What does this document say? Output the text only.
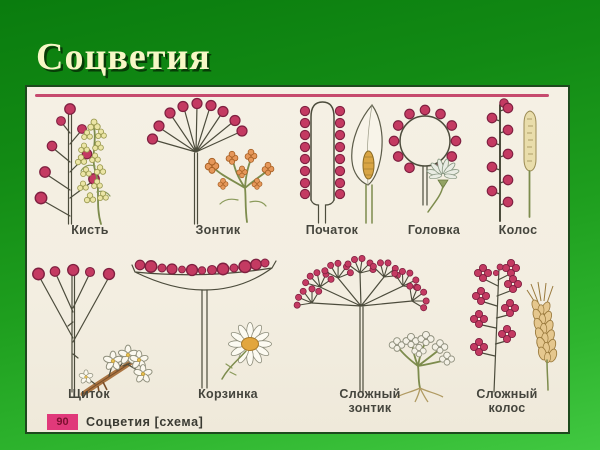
Соцветия
Кисть	Зонтик	Початок	Головка	Колос
Щиток	Корзинка	Сложный зонтик
Сложный колос
90 Соцветия [схема]
